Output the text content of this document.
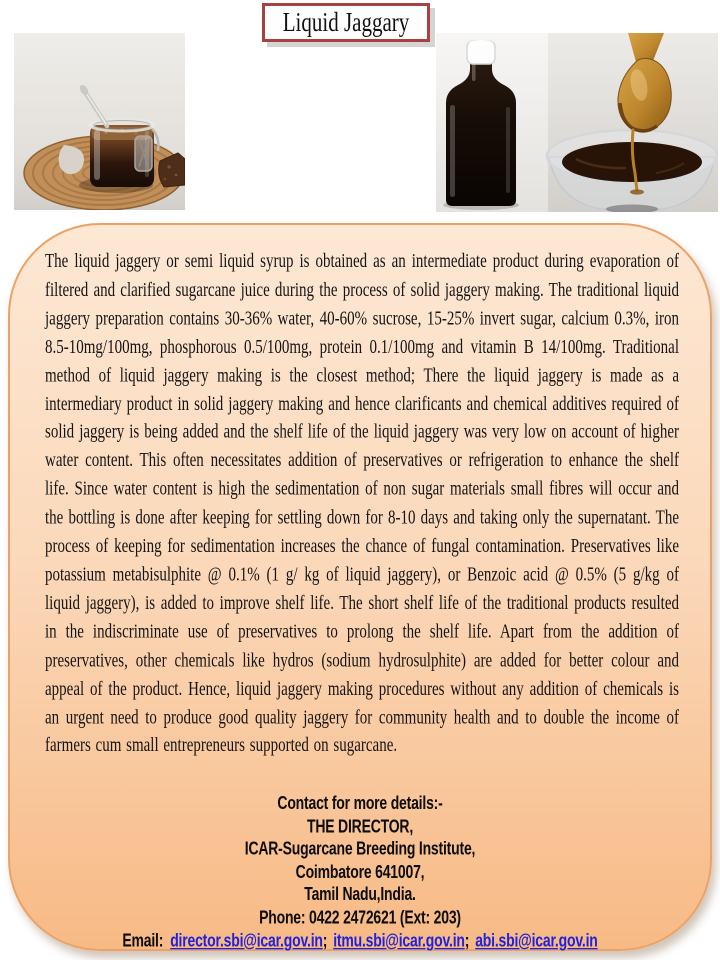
Liquid Jaggary
The liquid jaggery or semi liquid syrup is obtained as an intermediate product during evaporation of filtered and clarified sugarcane juice during the process of solid jaggery making. The traditional liquid jaggery preparation contains 30-36% water, 40-60% sucrose, 15-25% invert sugar, calcium 0.3%, iron 8.5-10mg/100mg, phosphorous 0.5/100mg, protein 0.1/100mg and vitamin B 14/100mg. Traditional method of liquid jaggery making is the closest method; There the liquid jaggery is made as a intermediary product in solid jaggery making and hence clarificants and chemical additives required of solid jaggery is being added and the shelf life of the liquid jaggery was very low on account of higher water content. This often necessitates addition of preservatives or refrigeration to enhance the shelf life. Since water content is high the sedimentation of non sugar materials small fibres will occur and the bottling is done after keeping for settling down for 8-10 days and taking only the supernatant. The process of keeping for sedimentation increases the chance of fungal contamination. Preservatives like potassium metabisulphite @ 0.1% (1 g/ kg of liquid jaggery), or Benzoic acid @ 0.5% (5 g/kg of liquid jaggery), is added to improve shelf life. The short shelf life of the traditional products resulted in the indiscriminate use of preservatives to prolong the shelf life. Apart from the addition of preservatives, other chemicals like hydros (sodium hydrosulphite) are added for better colour and appeal of the product. Hence, liquid jaggery making procedures without any addition of chemicals is an urgent need to produce good quality jaggery for community health and to double the income of farmers cum small entrepreneurs supported on sugarcane.
Contact for more details:-
THE DIRECTOR,
ICAR-Sugarcane Breeding Institute,
Coimbatore 641007,
Tamil Nadu,India.
Phone: 0422 2472621 (Ext: 203)
Email: director.sbi@icar.gov.in; itmu.sbi@icar.gov.in; abi.sbi@icar.gov.in
